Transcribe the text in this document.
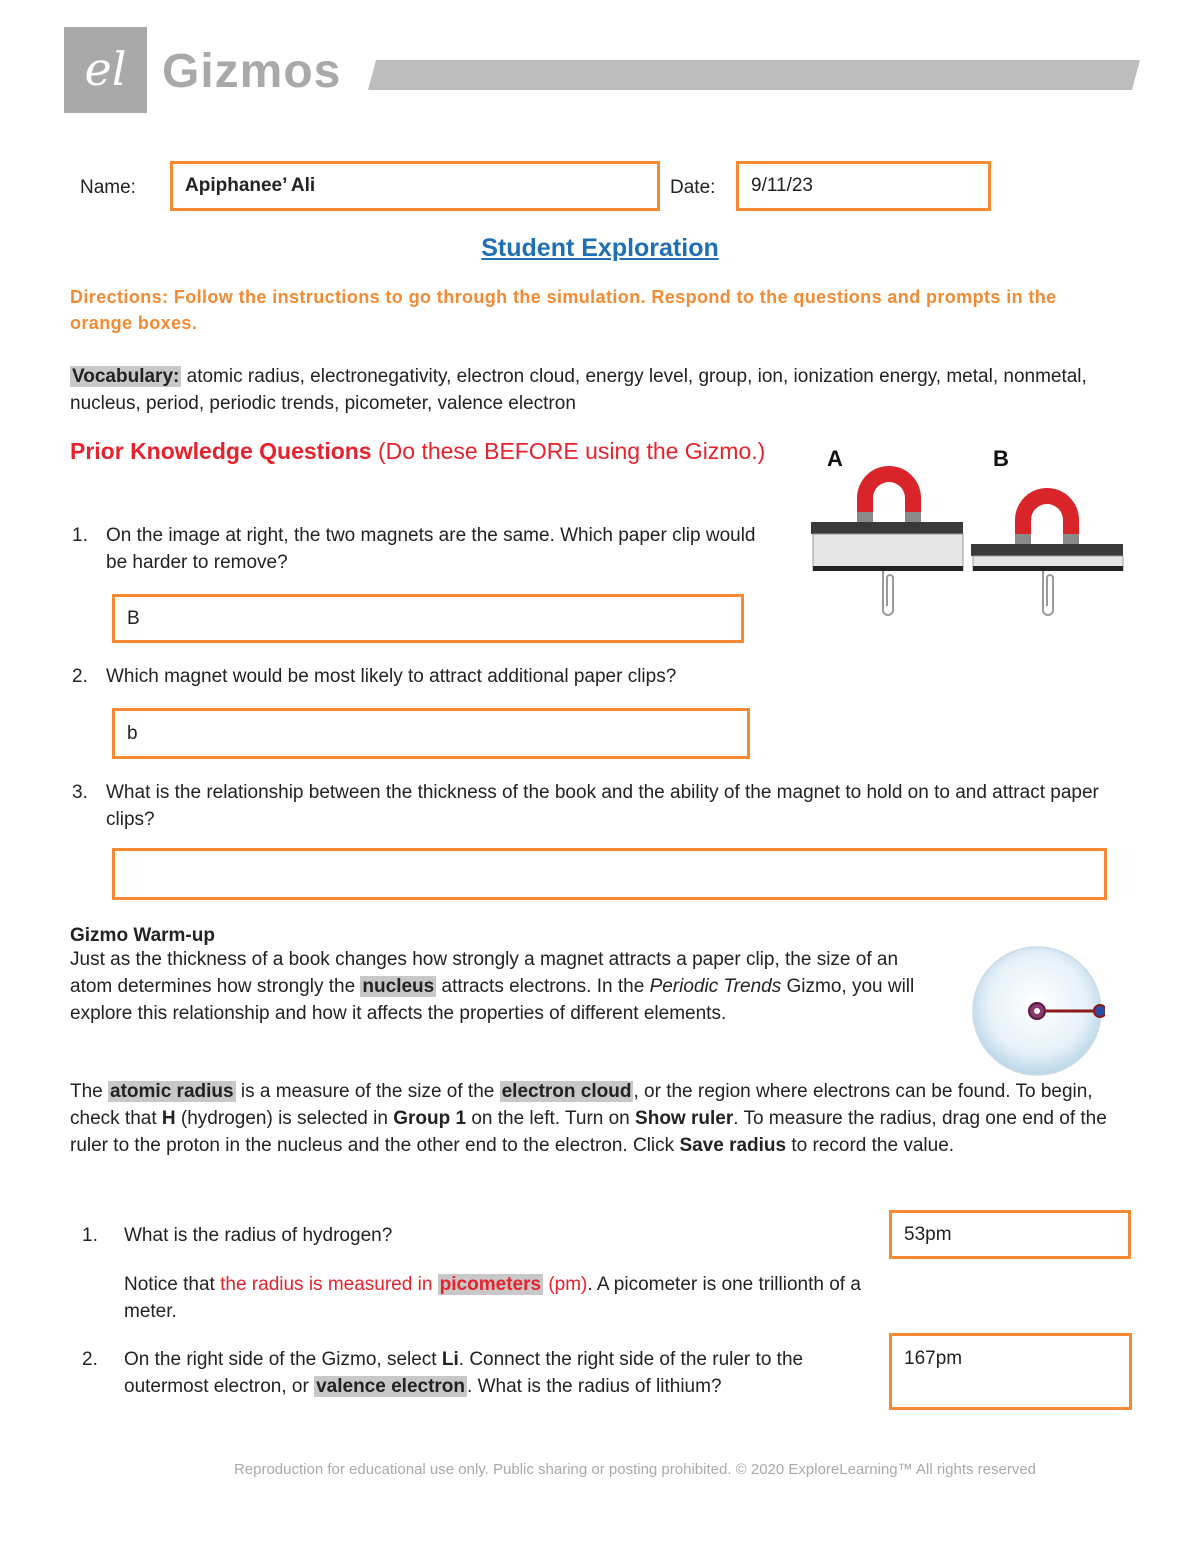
el Gizmos
Name:	Apiphanee’ Ali	Date: 9/11/23
Student Exploration
Directions: Follow the instructions to go through the simulation. Respond to the questions and prompts in the orange boxes.
Vocabulary: atomic radius, electronegativity, electron cloud, energy level, group, ion, ionization energy, metal, nonmetal, nucleus, period, periodic trends, picometer, valence electron
Prior Knowledge Questions (Do these BEFORE using the Gizmo.)
1. On the image at right, the two magnets are the same. Which paper clip would be harder to remove?
B
2. Which magnet would be most likely to attract additional paper clips?
b
3. What is the relationship between the thickness of the book and the ability of the magnet to hold on to and attract paper clips?
A	B
Gizmo Warm-up
Just as the thickness of a book changes how strongly a magnet attracts a paper clip, the size of an atom determines how strongly the nucleus attracts electrons. In the Periodic Trends Gizmo, you will explore this relationship and how it affects the properties of different elements.
The atomic radius is a measure of the size of the electron cloud , or the region where electrons can be found. To begin, check that H (hydrogen) is selected in Group 1 on the left. Turn on Show ruler. To measure the radius, drag one end of the ruler to the proton in the nucleus and the other end to the electron. Click Save radius to record the value.
1. What is the radius of hydrogen?	53pm
Notice that the radius is measured in picometers (pm). A picometer is one trillionth of a meter.
2. On the right side of the Gizmo, select Li. Connect the right side of the ruler to the outermost electron, or valence electron . What is the radius of lithium?
167pm
Reproduction for educational use only. Public sharing or posting prohibited. © 2020 ExploreLearning™ All rights reserved
